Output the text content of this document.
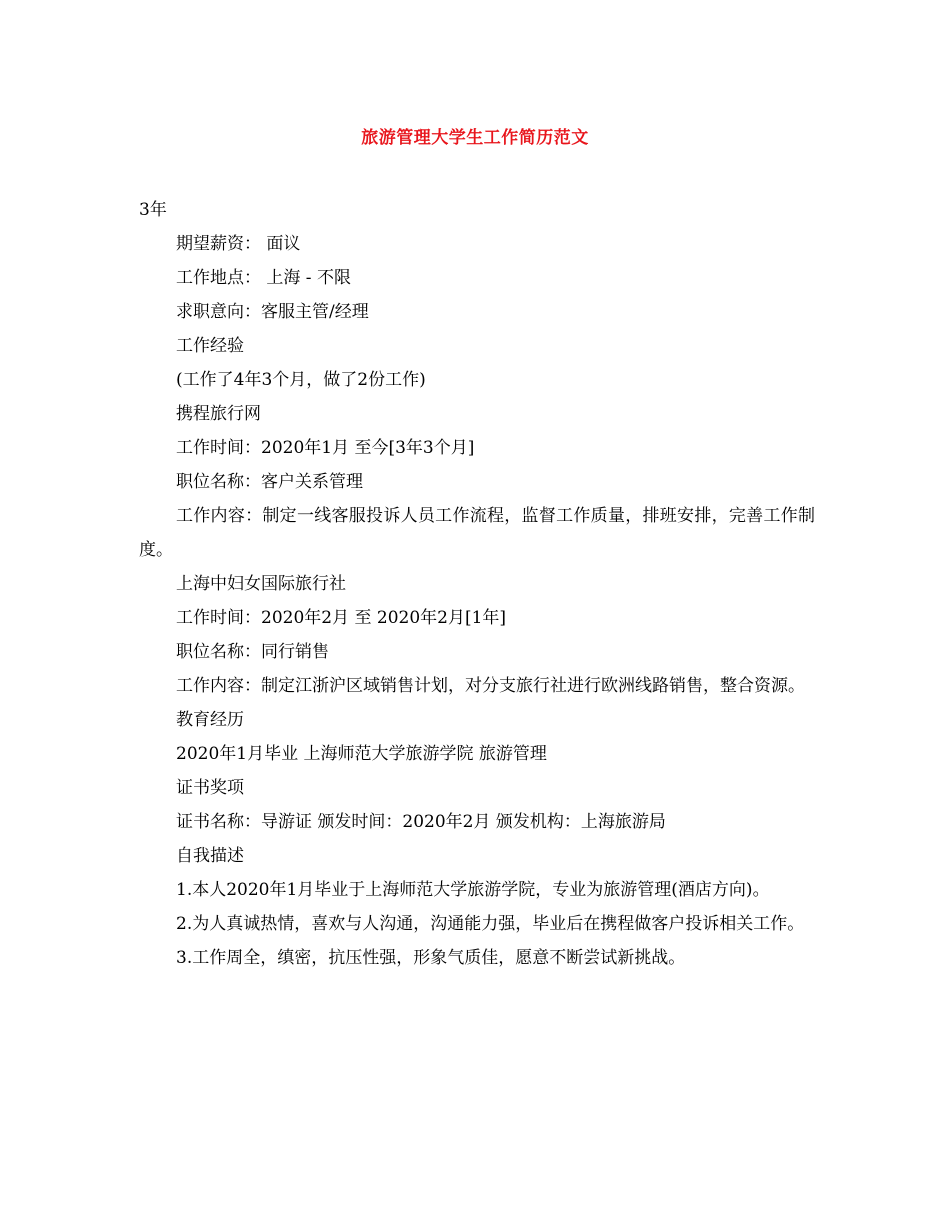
旅游管理大学生工作简历范文

3年

期望薪资： 面议

工作地点： 上海 - 不限

求职意向：客服主管/经理

工作经验

(工作了4年3个月，做了2份工作)

携程旅行网

工作时间：2020年1月 至今[3年3个月]

职位名称：客户关系管理

工作内容：制定一线客服投诉人员工作流程，监督工作质量，排班安排，完善工作制度。

上海中妇女国际旅行社

工作时间：2020年2月 至 2020年2月[1年]

职位名称：同行销售

工作内容：制定江浙沪区域销售计划，对分支旅行社进行欧洲线路销售，整合资源。

教育经历

2020年1月毕业 上海师范大学旅游学院 旅游管理

证书奖项

证书名称：导游证 颁发时间：2020年2月 颁发机构：上海旅游局

自我描述

1.本人2020年1月毕业于上海师范大学旅游学院，专业为旅游管理(酒店方向)。

2.为人真诚热情，喜欢与人沟通，沟通能力强，毕业后在携程做客户投诉相关工作。

3.工作周全，缜密，抗压性强，形象气质佳，愿意不断尝试新挑战。
